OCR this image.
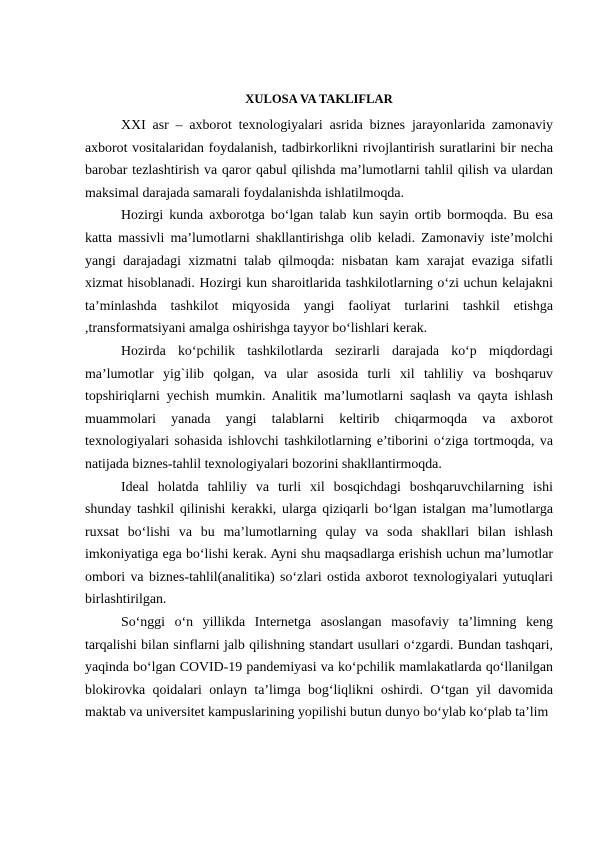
XULOSA VA TAKLIFLAR

XXI asr – axborot texnologiyalari asrida biznes jarayonlarida zamonaviy axborot vositalaridan foydalanish, tadbirkorlikni rivojlantirish suratlarini bir necha barobar tezlashtirish va qaror qabul qilishda ma’lumotlarni tahlil qilish va ulardan maksimal darajada samarali foydalanishda ishlatilmoqda.

Hozirgi kunda axborotga bo‘lgan talab kun sayin ortib bormoqda. Bu esa katta massivli ma’lumotlarni shakllantirishga olib keladi. Zamonaviy iste’molchi yangi darajadagi xizmatni talab qilmoqda: nisbatan kam xarajat evaziga sifatli xizmat hisoblanadi. Hozirgi kun sharoitlarida tashkilotlarning o‘zi uchun kelajakni ta’minlashda tashkilot miqyosida yangi faoliyat turlarini tashkil etishga ,transformatsiyani amalga oshirishga tayyor bo‘lishlari kerak.

Hozirda ko‘pchilik tashkilotlarda sezirarli darajada ko‘p miqdordagi ma’lumotlar yig`ilib qolgan, va ular asosida turli xil tahliliy va boshqaruv topshiriqlarni yechish mumkin. Analitik ma’lumotlarni saqlash va qayta ishlash muammolari yanada yangi talablarni keltirib chiqarmoqda va axborot texnologiyalari sohasida ishlovchi tashkilotlarning e’tiborini o‘ziga tortmoqda, va natijada biznes-tahlil texnologiyalari bozorini shakllantirmoqda.

Ideal holatda tahliliy va turli xil bosqichdagi boshqaruvchilarning ishi shunday tashkil qilinishi kerakki, ularga qiziqarli bo‘lgan istalgan ma’lumotlarga ruxsat bo‘lishi va bu ma’lumotlarning qulay va soda shakllari bilan ishlash imkoniyatiga ega bo‘lishi kerak. Ayni shu maqsadlarga erishish uchun ma’lumotlar ombori va biznes-tahlil(analitika) so‘zlari ostida axborot texnologiyalari yutuqlari birlashtirilgan.

So‘nggi o‘n yillikda Internetga asoslangan masofaviy ta’limning keng tarqalishi bilan sinflarni jalb qilishning standart usullari o‘zgardi. Bundan tashqari, yaqinda bo‘lgan COVID-19 pandemiyasi va ko‘pchilik mamlakatlarda qo‘llanilgan blokirovka qoidalari onlayn ta’limga bog‘liqlikni oshirdi. O‘tgan yil davomida maktab va universitet kampuslarining yopilishi butun dunyo bo‘ylab ko‘plab ta’lim
